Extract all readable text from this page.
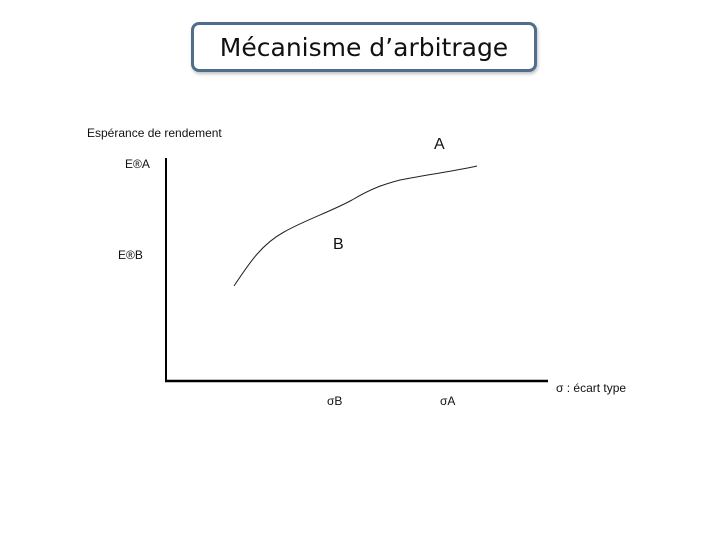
Mécanisme d’arbitrage
Espérance de rendement
A
E®A
B
E®B
σ : écart type
σB	σA
